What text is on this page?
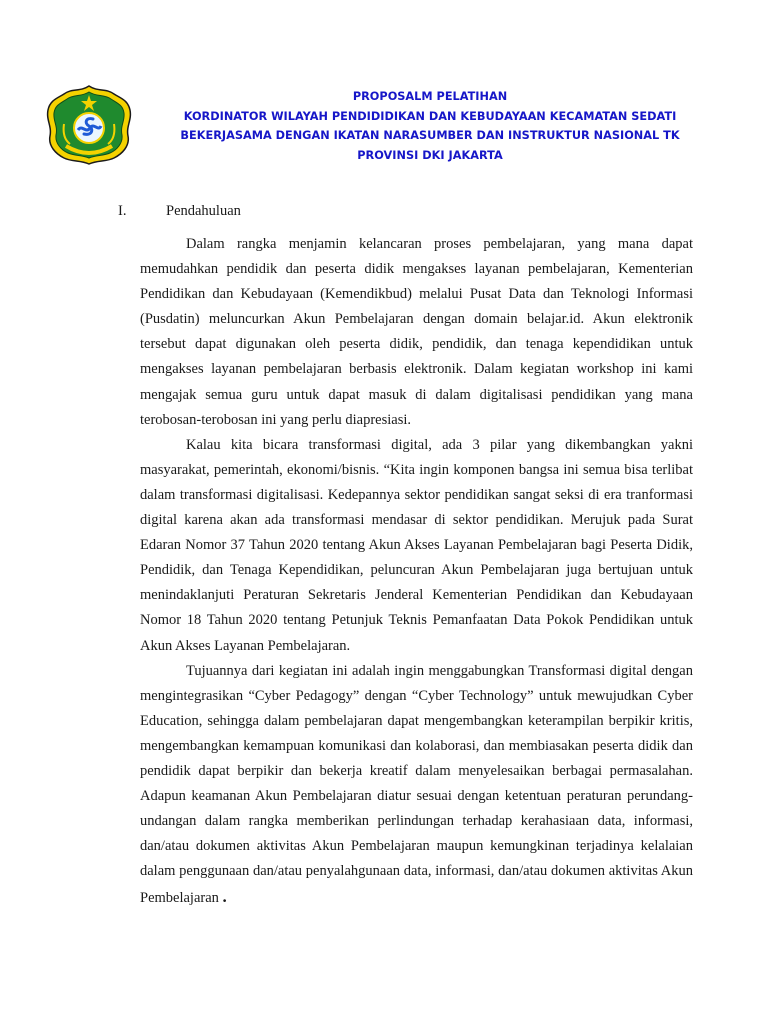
PROPOSALM PELATIHAN
KORDINATOR WILAYAH PENDIDIDIKAN DAN KEBUDAYAAN KECAMATAN SEDATI
BEKERJASAMA DENGAN IKATAN NARASUMBER DAN INSTRUKTUR NASIONAL TK
PROVINSI DKI JAKARTA
I.	Pendahuluan

Dalam rangka menjamin kelancaran proses pembelajaran, yang mana dapat memudahkan pendidik dan peserta didik mengakses layanan pembelajaran, Kementerian Pendidikan dan Kebudayaan (Kemendikbud) melalui Pusat Data dan Teknologi Informasi (Pusdatin) meluncurkan Akun Pembelajaran dengan domain belajar.id. Akun elektronik tersebut dapat digunakan oleh peserta didik, pendidik, dan tenaga kependidikan untuk mengakses layanan pembelajaran berbasis elektronik. Dalam kegiatan workshop ini kami mengajak semua guru untuk dapat masuk di dalam digitalisasi pendidikan yang mana terobosan-terobosan ini yang perlu diapresiasi.

Kalau kita bicara transformasi digital, ada 3 pilar yang dikembangkan yakni masyarakat, pemerintah, ekonomi/bisnis. “Kita ingin komponen bangsa ini semua bisa terlibat dalam transformasi digitalisasi. Kedepannya sektor pendidikan sangat seksi di era tranformasi digital karena akan ada transformasi mendasar di sektor pendidikan. Merujuk pada Surat Edaran Nomor 37 Tahun 2020 tentang Akun Akses Layanan Pembelajaran bagi Peserta Didik, Pendidik, dan Tenaga Kependidikan, peluncuran Akun Pembelajaran juga bertujuan untuk menindaklanjuti Peraturan Sekretaris Jenderal Kementerian Pendidikan dan Kebudayaan Nomor 18 Tahun 2020 tentang Petunjuk Teknis Pemanfaatan Data Pokok Pendidikan untuk Akun Akses Layanan Pembelajaran.

Tujuannya dari kegiatan ini adalah ingin menggabungkan Transformasi digital dengan mengintegrasikan “Cyber Pedagogy” dengan “Cyber Technology” untuk mewujudkan Cyber Education, sehingga dalam pembelajaran dapat mengembangkan keterampilan berpikir kritis, mengembangkan kemampuan komunikasi dan kolaborasi, dan membiasakan peserta didik dan pendidik dapat berpikir dan bekerja kreatif dalam menyelesaikan berbagai permasalahan. Adapun keamanan Akun Pembelajaran diatur sesuai dengan ketentuan peraturan perundang-undangan dalam rangka memberikan perlindungan terhadap kerahasiaan data, informasi, dan/atau dokumen aktivitas Akun Pembelajaran maupun kemungkinan terjadinya kelalaian dalam penggunaan dan/atau penyalahgunaan data, informasi, dan/atau dokumen aktivitas Akun Pembelajaran .
